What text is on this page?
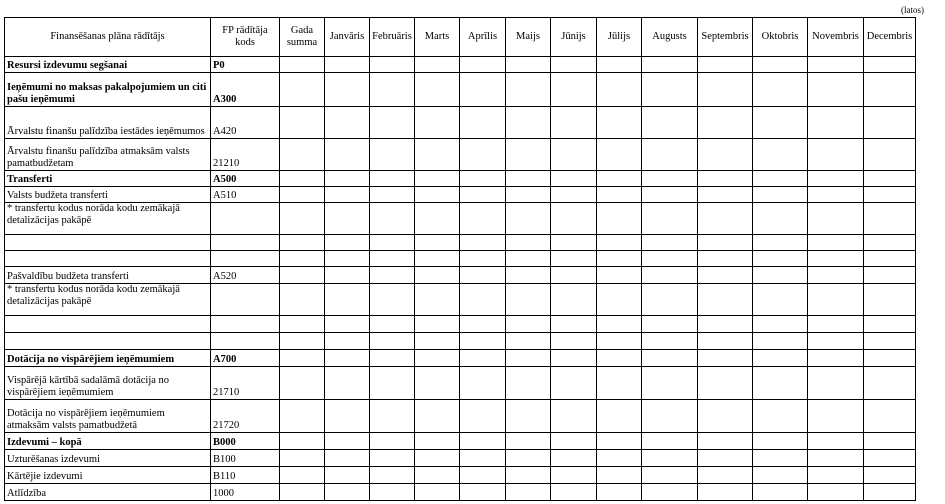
(latos)
Finansēšanas plāna rādītājs	FP rādītāja kods	Gada summa	Janvāris	Februāris	Marts	Aprīlis	Maijs	Jūnijs	Jūlijs	Augusts	Septembris	Oktobris	Novembris	Decembris
Resursi izdevumu segšanai	P0													
Ieņēmumi no maksas pakalpojumiem un citi pašu ieņēmumi	A300													
Ārvalstu finanšu palīdzība iestādes ieņēmumos	A420													
Ārvalstu finanšu palīdzība atmaksām valsts pamatbudžetam	21210													
Transferti	A500													
Valsts budžeta transferti	A510													
* transfertu kodus norāda kodu zemākajā detalizācijas pakāpē														

Pašvaldību budžeta transferti	A520													
* transfertu kodus norāda kodu zemākajā detalizācijas pakāpē														

Dotācija no vispārējiem ieņēmumiem	A700													
Vispārējā kārtībā sadalāmā dotācija no vispārējiem ieņēmumiem	21710													
Dotācija no vispārējiem ieņēmumiem atmaksām valsts pamatbudžetā	21720													
Izdevumi – kopā	B000													
Uzturēšanas izdevumi	B100													
Kārtējie izdevumi	B110													
Atlīdzība	1000													
